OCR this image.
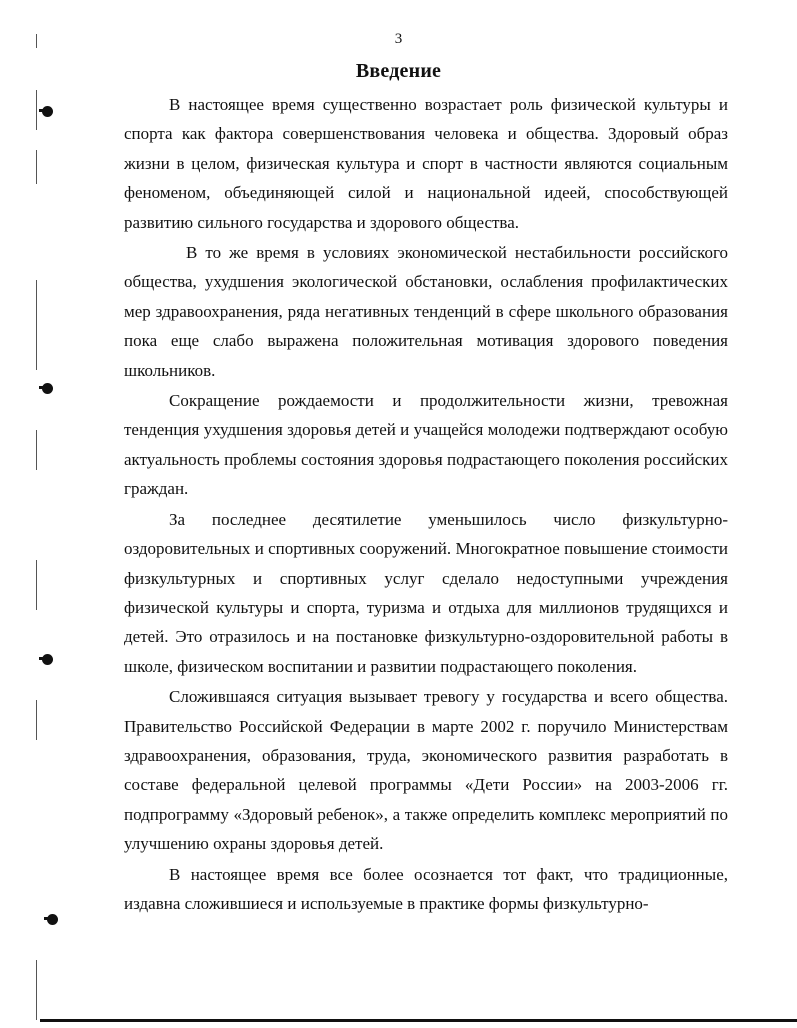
3
Введение

В настоящее время существенно возрастает роль физической культуры и спорта как фактора совершенствования человека и общества. Здоровый образ жизни в целом, физическая культура и спорт в частности являются социальным феноменом, объединяющей силой и национальной идеей, способствующей развитию сильного государства и здорового общества.

В то же время в условиях экономической нестабильности российского общества, ухудшения экологической обстановки, ослабления профилактических мер здравоохранения, ряда негативных тенденций в сфере школьного образования пока еще слабо выражена положительная мотивация здорового поведения школьников.

Сокращение рождаемости и продолжительности жизни, тревожная тенденция ухудшения здоровья детей и учащейся молодежи подтверждают особую актуальность проблемы состояния здоровья подрастающего поколения российских граждан.

За последнее десятилетие уменьшилось число физкультурно-оздоровительных и спортивных сооружений. Многократное повышение стоимости физкультурных и спортивных услуг сделало недоступными учреждения физической культуры и спорта, туризма и отдыха для миллионов трудящихся и детей. Это отразилось и на постановке физкультурно-оздоровительной работы в школе, физическом воспитании и развитии подрастающего поколения.

Сложившаяся ситуация вызывает тревогу у государства и всего общества. Правительство Российской Федерации в марте 2002 г. поручило Министерствам здравоохранения, образования, труда, экономического развития разработать в составе федеральной целевой программы «Дети России» на 2003-2006 гг. подпрограмму «Здоровый ребенок», а также определить комплекс мероприятий по улучшению охраны здоровья детей.

В настоящее время все более осознается тот факт, что традиционные, издавна сложившиеся и используемые в практике формы физкультурно-
